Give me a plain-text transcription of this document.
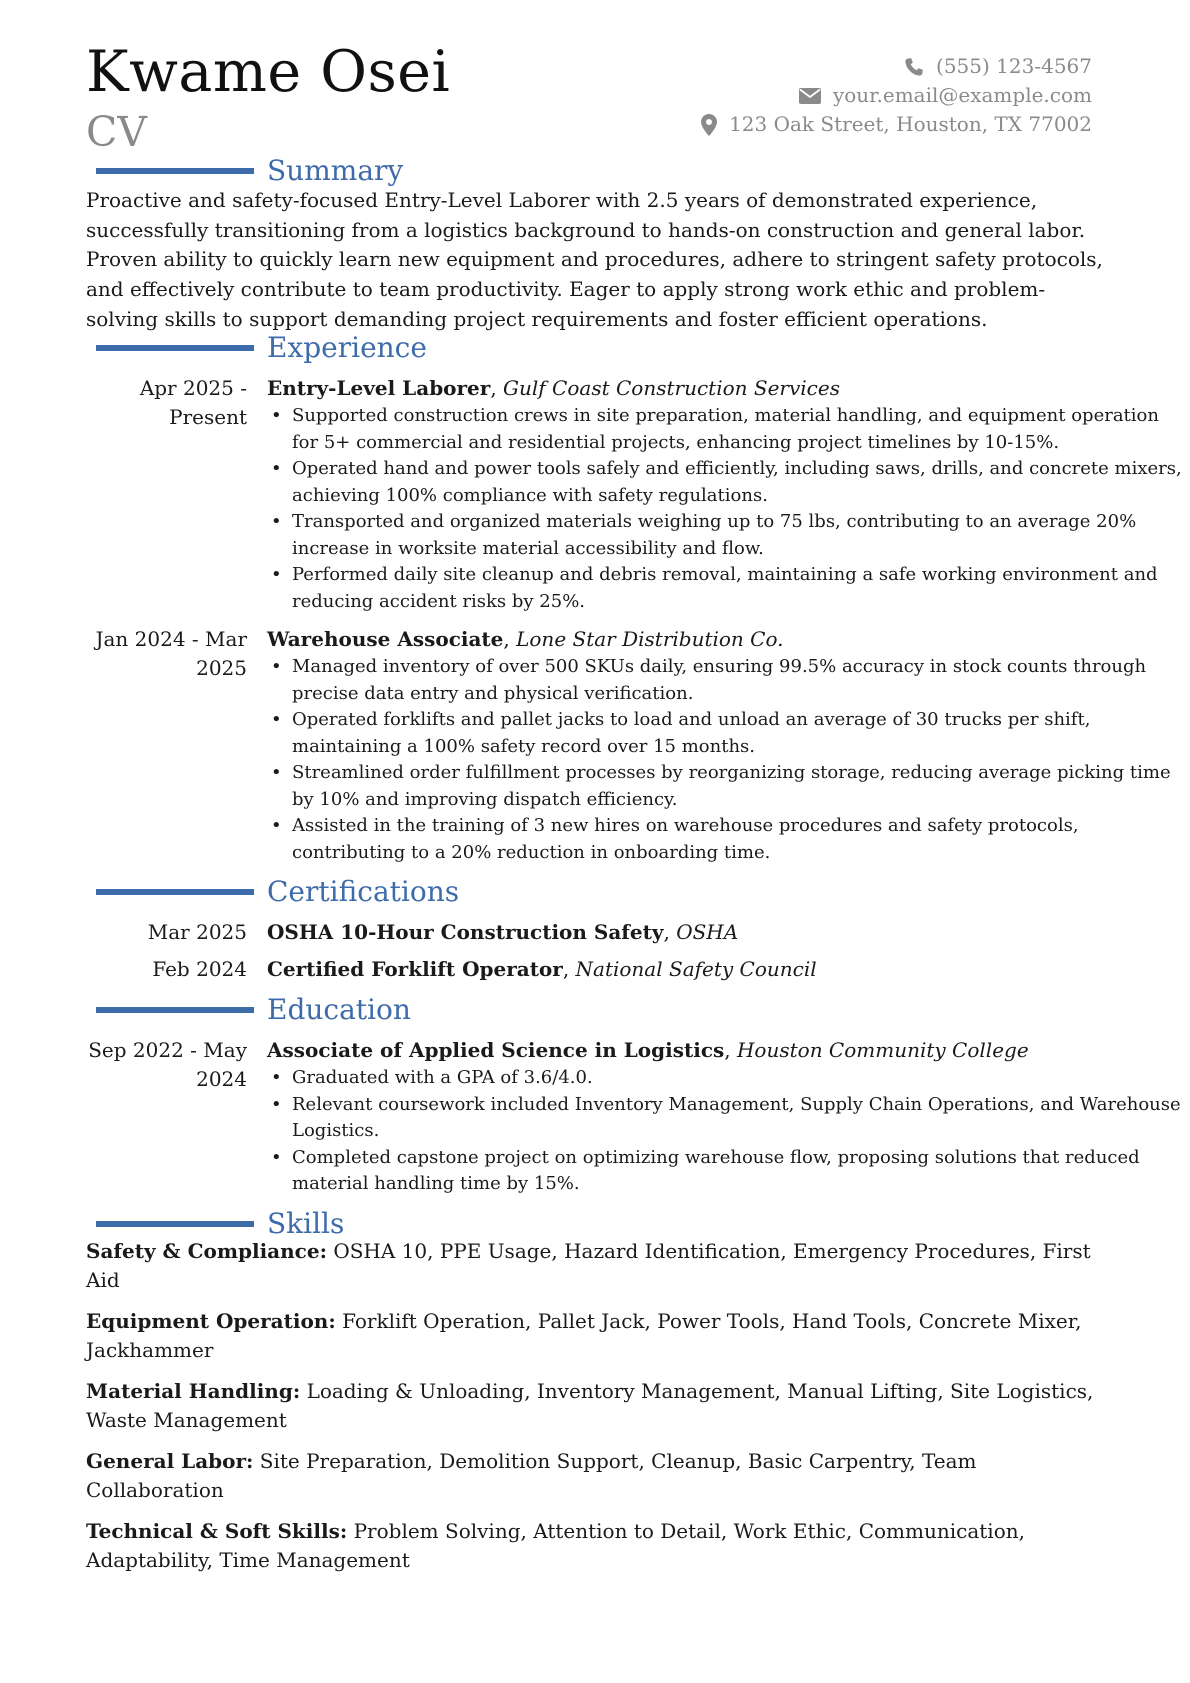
Kwame Osei
CV
(555) 123-4567
your.email@example.com
123 Oak Street, Houston, TX 77002
Summary
Proactive and safety-focused Entry-Level Laborer with 2.5 years of demonstrated experience, successfully transitioning from a logistics background to hands-on construction and general labor. Proven ability to quickly learn new equipment and procedures, adhere to stringent safety protocols, and effectively contribute to team productivity. Eager to apply strong work ethic and problem-solving skills to support demanding project requirements and foster efficient operations.
Experience
Apr 2025 -
Present
Entry-Level Laborer, Gulf Coast Construction Services
• Supported construction crews in site preparation, material handling, and equipment operation for 5+ commercial and residential projects, enhancing project timelines by 10-15%.
• Operated hand and power tools safely and efficiently, including saws, drills, and concrete mixers, achieving 100% compliance with safety regulations.
• Transported and organized materials weighing up to 75 lbs, contributing to an average 20% increase in worksite material accessibility and flow.
• Performed daily site cleanup and debris removal, maintaining a safe working environment and reducing accident risks by 25%.
Jan 2024 - Mar
2025
Warehouse Associate, Lone Star Distribution Co.
• Managed inventory of over 500 SKUs daily, ensuring 99.5% accuracy in stock counts through precise data entry and physical verification.
• Operated forklifts and pallet jacks to load and unload an average of 30 trucks per shift, maintaining a 100% safety record over 15 months.
• Streamlined order fulfillment processes by reorganizing storage, reducing average picking time by 10% and improving dispatch efficiency.
• Assisted in the training of 3 new hires on warehouse procedures and safety protocols, contributing to a 20% reduction in onboarding time.
Certifications
Mar 2025 OSHA 10-Hour Construction Safety, OSHA
Feb 2024 Certified Forklift Operator, National Safety Council
Education
Sep 2022 - May
2024
Associate of Applied Science in Logistics, Houston Community College
• Graduated with a GPA of 3.6/4.0.
• Relevant coursework included Inventory Management, Supply Chain Operations, and Warehouse Logistics.
• Completed capstone project on optimizing warehouse flow, proposing solutions that reduced material handling time by 15%.
Skills
Safety & Compliance: OSHA 10, PPE Usage, Hazard Identification, Emergency Procedures, First Aid
Equipment Operation: Forklift Operation, Pallet Jack, Power Tools, Hand Tools, Concrete Mixer, Jackhammer
Material Handling: Loading & Unloading, Inventory Management, Manual Lifting, Site Logistics, Waste Management
General Labor: Site Preparation, Demolition Support, Cleanup, Basic Carpentry, Team Collaboration
Technical & Soft Skills: Problem Solving, Attention to Detail, Work Ethic, Communication, Adaptability, Time Management
